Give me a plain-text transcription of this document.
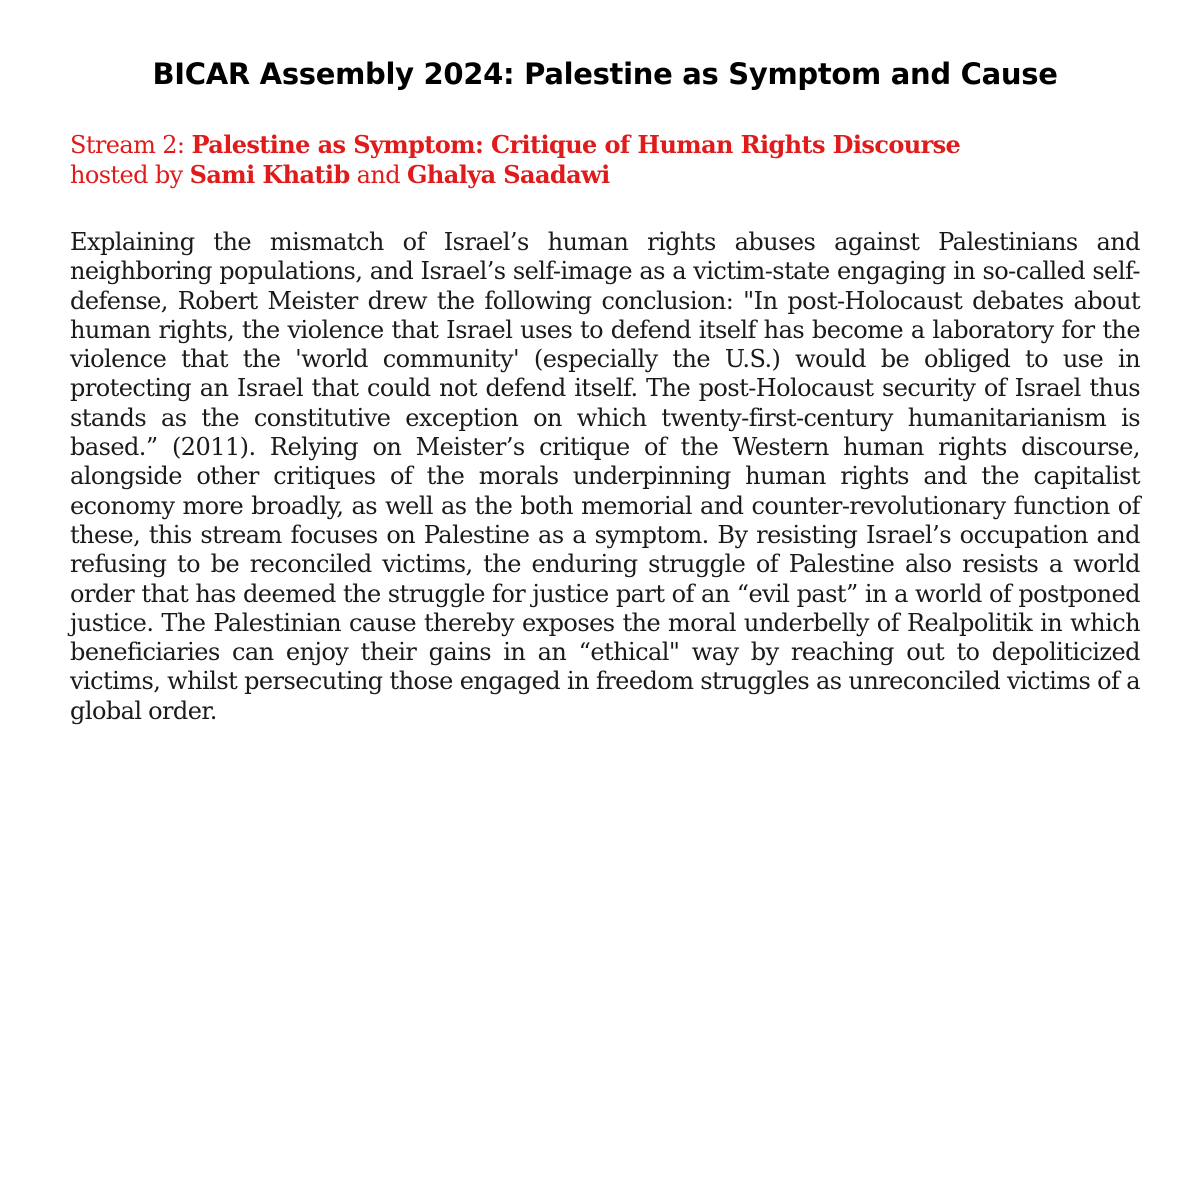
BICAR Assembly 2024: Palestine as Symptom and Cause
Stream 2: Palestine as Symptom: Critique of Human Rights Discourse
hosted by Sami Khatib and Ghalya Saadawi
Explaining the mismatch of Israel’s human rights abuses against Palestinians and neighboring populations, and Israel’s self-image as a victim-state engaging in so-called self-defense, Robert Meister drew the following conclusion: "In post-Holocaust debates about human rights, the violence that Israel uses to defend itself has become a laboratory for the violence that the 'world community' (especially the U.S.) would be obliged to use in protecting an Israel that could not defend itself. The post-Holocaust security of Israel thus stands as the constitutive exception on which twenty-first-century humanitarianism is based.” (2011). Relying on Meister’s critique of the Western human rights discourse, alongside other critiques of the morals underpinning human rights and the capitalist economy more broadly, as well as the both memorial and counter-revolutionary function of these, this stream focuses on Palestine as a symptom. By resisting Israel’s occupation and refusing to be reconciled victims, the enduring struggle of Palestine also resists a world order that has deemed the struggle for justice part of an “evil past” in a world of postponed justice. The Palestinian cause thereby exposes the moral underbelly of Realpolitik in which beneficiaries can enjoy their gains in an “ethical" way by reaching out to depoliticized victims, whilst persecuting those engaged in freedom struggles as unreconciled victims of a global order.
